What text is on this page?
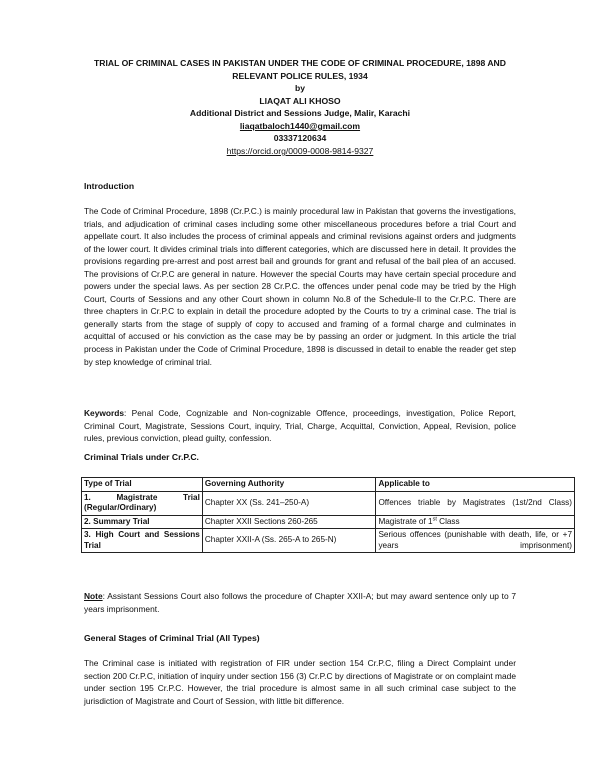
TRIAL OF CRIMINAL CASES IN PAKISTAN UNDER THE CODE OF CRIMINAL PROCEDURE, 1898 AND
RELEVANT POLICE RULES, 1934
by
LIAQAT ALI KHOSO
Additional District and Sessions Judge, Malir, Karachi
liaqatbaloch1440@gmail.com
03337120634
https://orcid.org/0009-0008-9814-9327
Introduction

The Code of Criminal Procedure, 1898 (Cr.P.C.) is mainly procedural law in Pakistan that governs the investigations, trials, and adjudication of criminal cases including some other miscellaneous procedures before a trial Court and appellate court. It also includes the process of criminal appeals and criminal revisions against orders and judgments of the lower court. It divides criminal trials into different categories, which are discussed here in detail. It provides the provisions regarding pre-arrest and post arrest bail and grounds for grant and refusal of the bail plea of an accused. The provisions of Cr.P.C are general in nature. However the special Courts may have certain special procedure and powers under the special laws. As per section 28 Cr.P.C. the offences under penal code may be tried by the High Court, Courts of Sessions and any other Court shown in column No.8 of the Schedule-II to the Cr.P.C. There are three chapters in Cr.P.C to explain in detail the procedure adopted by the Courts to try a criminal case. The trial is generally starts from the stage of supply of copy to accused and framing of a formal charge and culminates in acquittal of accused or his conviction as the case may be by passing an order or judgment. In this article the trial process in Pakistan under the Code of Criminal Procedure, 1898 is discussed in detail to enable the reader get step by step knowledge of criminal trial.

Keywords: Penal Code, Cognizable and Non-cognizable Offence, proceedings, investigation, Police Report, Criminal Court, Magistrate, Sessions Court, inquiry, Trial, Charge, Acquittal, Conviction, Appeal, Revision, police rules, previous conviction, plead guilty, confession.

Criminal Trials under Cr.P.C.
Type of Trial	Governing Authority	Applicable to
1. Magistrate Trial (Regular/Ordinary)	Chapter XX (Ss. 241–250-A)	Offences triable by Magistrates (1st/2nd Class)
2. Summary Trial	Chapter XXII Sections 260-265	Magistrate of 1st Class
3. High Court and Sessions Trial	Chapter XXII-A (Ss. 265-A to 265-N)	Serious offences (punishable with death, life, or +7 years imprisonment)

Note: Assistant Sessions Court also follows the procedure of Chapter XXII-A; but may award sentence only up to 7 years imprisonment.

General Stages of Criminal Trial (All Types)

The Criminal case is initiated with registration of FIR under section 154 Cr.P.C, filing a Direct Complaint under section 200 Cr.P.C, initiation of inquiry under section 156 (3) Cr.P.C by directions of Magistrate or on complaint made under section 195 Cr.P.C. However, the trial procedure is almost same in all such criminal case subject to the jurisdiction of Magistrate and Court of Session, with little bit difference.
